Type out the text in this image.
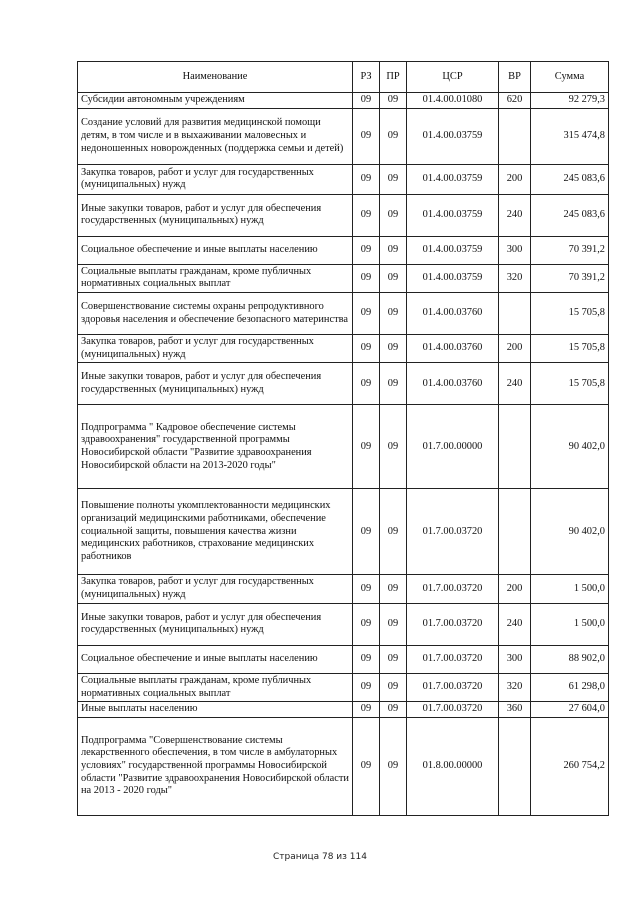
Наименование	РЗ	ПР	ЦСР	ВР	Сумма
Субсидии автономным учреждениям	09	09	01.4.00.01080	620	92 279,3
Создание условий для развития медицинской помощи детям, в том числе и в выхаживании маловесных и недоношенных новорожденных (поддержка семьи и детей)	09	09	01.4.00.03759		315 474,8
Закупка товаров, работ и услуг для государственных (муниципальных) нужд	09	09	01.4.00.03759	200	245 083,6
Иные закупки товаров, работ и услуг для обеспечения государственных (муниципальных) нужд	09	09	01.4.00.03759	240	245 083,6
Социальное обеспечение и иные выплаты населению	09	09	01.4.00.03759	300	70 391,2
Социальные выплаты гражданам, кроме публичных нормативных социальных выплат	09	09	01.4.00.03759	320	70 391,2
Совершенствование системы охраны репродуктивного здоровья населения и обеспечение безопасного материнства	09	09	01.4.00.03760		15 705,8
Закупка товаров, работ и услуг для государственных (муниципальных) нужд	09	09	01.4.00.03760	200	15 705,8
Иные закупки товаров, работ и услуг для обеспечения государственных (муниципальных) нужд	09	09	01.4.00.03760	240	15 705,8
Подпрограмма " Кадровое обеспечение системы здравоохранения" государственной программы Новосибирской области "Развитие здравоохранения Новосибирской области на 2013-2020 годы"	09	09	01.7.00.00000		90 402,0
Повышение полноты укомплектованности медицинских организаций медицинскими работниками, обеспечение социальной защиты, повышения качества жизни медицинских работников, страхование медицинских работников	09	09	01.7.00.03720		90 402,0
Закупка товаров, работ и услуг для государственных (муниципальных) нужд	09	09	01.7.00.03720	200	1 500,0
Иные закупки товаров, работ и услуг для обеспечения государственных (муниципальных) нужд	09	09	01.7.00.03720	240	1 500,0
Социальное обеспечение и иные выплаты населению	09	09	01.7.00.03720	300	88 902,0
Социальные выплаты гражданам, кроме публичных нормативных социальных выплат	09	09	01.7.00.03720	320	61 298,0
Иные выплаты населению	09	09	01.7.00.03720	360	27 604,0
Подпрограмма "Совершенствование системы лекарственного обеспечения, в том числе в амбулаторных условиях" государственной программы Новосибирской области "Развитие здравоохранения Новосибирской области на 2013 - 2020 годы"	09	09	01.8.00.00000		260 754,2
Страница 78 из 114
